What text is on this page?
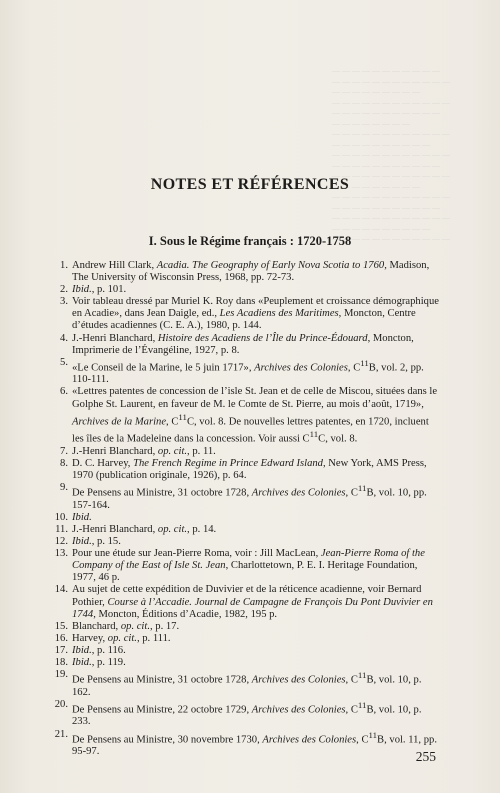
— — — — — — — — — — —
— — — — — — — — — — — —
— — — — — — — — —
— — — — — — — — — — — —
— — — — — — — — — — —
— — — — — — — —
— — — — — — — — — — — —
— — — — — — — — — —
— — — — — — — — — — — —
— — — — — — — — — — —
— — — — — — — — — — — —
— — — — — — — — —
— — — — — — — — — — — —
— — — — — — — — — — —
— — — — — — — — — — — —
— — — — — — — — — —
— — — — — — — — — — — —
NOTES ET RÉFÉRENCES
I. Sous le Régime français : 1720-1758
1. Andrew Hill Clark, Acadia. The Geography of Early Nova Scotia to 1760, Madison, The University of Wisconsin Press, 1968, pp. 72-73.
2. Ibid., p. 101.
3. Voir tableau dressé par Muriel K. Roy dans «Peuplement et croissance démographique en Acadie», dans Jean Daigle, ed., Les Acadiens des Maritimes, Moncton, Centre d’études acadiennes (C. E. A.), 1980, p. 144.
4. J.-Henri Blanchard, Histoire des Acadiens de l’Île du Prince-Édouard, Moncton, Imprimerie de l’Évangéline, 1927, p. 8.
5.
«Le Conseil de la Marine, le 5 juin 1717», Archives des Colonies, $C^{11}B$, vol. 2, pp. 110-111.
6. «Lettres patentes de concession de l’isle St. Jean et de celle de Miscou, situées dans le Golphe St. Laurent, en faveur de M. le Comte de St. Pierre, au mois d’août, 1719», Archives de la Marine, $C^{11}C$, vol. 8. De nouvelles lettres patentes, en 1720, incluent les îles de la Madeleine dans la concession. Voir aussi $C^{11}C$, vol. 8.
7. J.-Henri Blanchard, op. cit., p. 11.
8. D. C. Harvey, The French Regime in Prince Edward Island, New York, AMS Press, 1970 (publication originale, 1926), p. 64.
9.
De Pensens au Ministre, 31 octobre 1728, Archives des Colonies, $C^{11}B$, vol. 10, pp. 157-164.
10. Ibid.
11. J.-Henri Blanchard, op. cit., p. 14.
12. Ibid., p. 15.
13. Pour une étude sur Jean-Pierre Roma, voir : Jill MacLean, Jean-Pierre Roma of the Company of the East of Isle St. Jean, Charlottetown, P. E. I. Heritage Foundation, 1977, 46 p.
14. Au sujet de cette expédition de Duvivier et de la réticence acadienne, voir Bernard Pothier, Course à l’Accadie. Journal de Campagne de François Du Pont Duvivier en 1744, Moncton, Éditions d’Acadie, 1982, 195 p.
15. Blanchard, op. cit., p. 17.
16. Harvey, op. cit., p. 111.
17. Ibid., p. 116.
18. Ibid., p. 119.
19.
De Pensens au Ministre, 31 octobre 1728, Archives des Colonies, $C^{11}B$, vol. 10, p. 162.
20.
De Pensens au Ministre, 22 octobre 1729, Archives des Colonies, $C^{11}B$, vol. 10, p. 233.
21.
De Pensens au Ministre, 30 novembre 1730, Archives des Colonies, $C^{11}B$, vol. 11, pp. 95-97.	255
